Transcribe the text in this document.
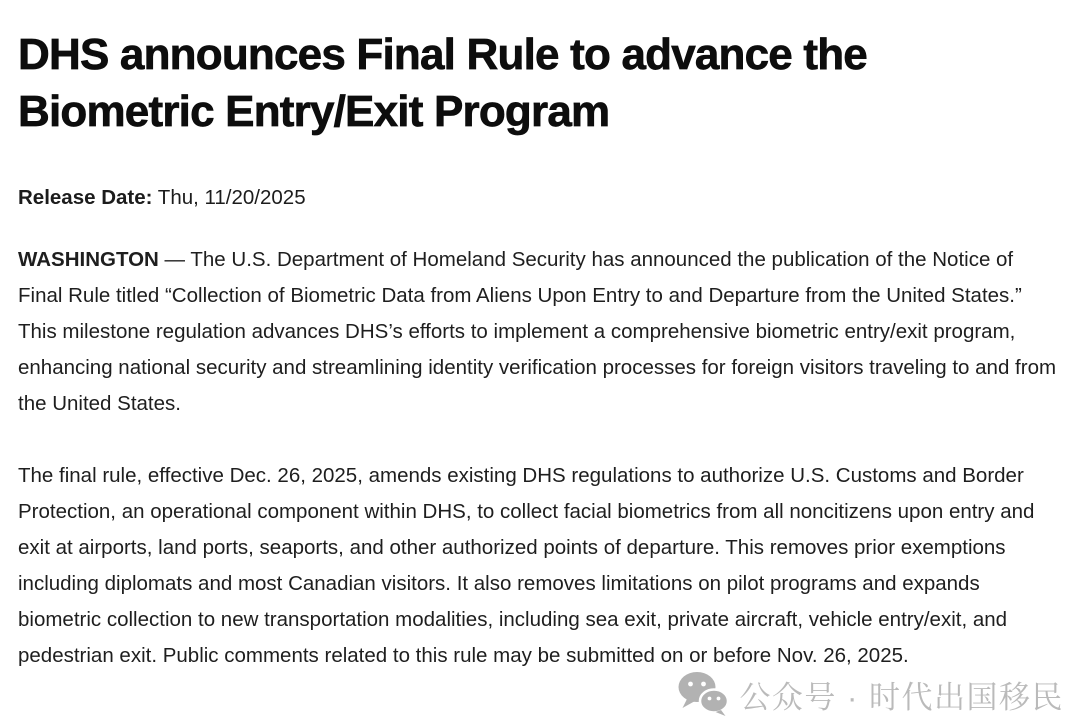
DHS announces Final Rule to advance the
Biometric Entry/Exit Program

Release Date: Thu, 11/20/2025

WASHINGTON — The U.S. Department of Homeland Security has announced the publication of the Notice of Final Rule titled “Collection of Biometric Data from Aliens Upon Entry to and Departure from the United States.” This milestone regulation advances DHS’s efforts to implement a comprehensive biometric entry/exit program, enhancing national security and streamlining identity verification processes for foreign visitors traveling to and from the United States.

The final rule, effective Dec. 26, 2025, amends existing DHS regulations to authorize U.S. Customs and Border Protection, an operational component within DHS, to collect facial biometrics from all noncitizens upon entry and exit at airports, land ports, seaports, and other authorized points of departure. This removes prior exemptions including diplomats and most Canadian visitors. It also removes limitations on pilot programs and expands biometric collection to new transportation modalities, including sea exit, private aircraft, vehicle entry/exit, and pedestrian exit. Public comments related to this rule may be submitted on or before Nov. 26, 2025.

公众号 · 时代出国移民
